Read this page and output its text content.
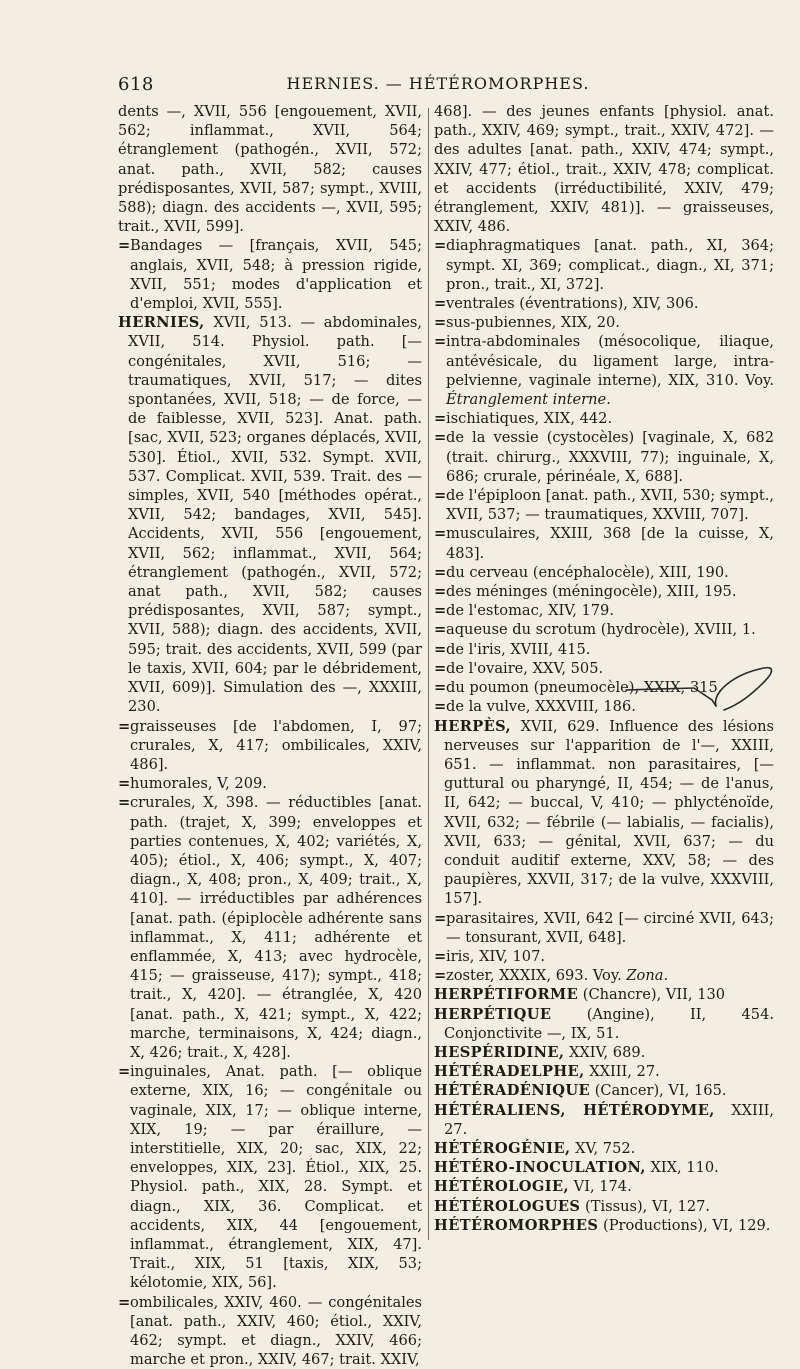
618	HERNIES. — HÉTÉROMORPHES.

dents —, XVII, 556 [engouement, XVII, 562; inflammat., XVII, 564; étranglement (pathogén., XVII, 572; anat. path., XVII, 582; causes prédisposantes, XVII, 587; sympt., XVIII, 588); diagn. des accidents —, XVII, 595; trait., XVII, 599].

=Bandages — [français, XVII, 545; anglais, XVII, 548; à pression rigide, XVII, 551; modes d'application et d'emploi, XVII, 555].

HERNIES, XVII, 513. — abdominales, XVII, 514. Physiol. path. [— congénitales, XVII, 516; — traumatiques, XVII, 517; — dites spontanées, XVII, 518; — de force, — de faiblesse, XVII, 523]. Anat. path. [sac, XVII, 523; organes déplacés, XVII, 530]. Étiol., XVII, 532. Sympt. XVII, 537. Complicat. XVII, 539. Trait. des — simples, XVII, 540 [méthodes opérat., XVII, 542; bandages, XVII, 545]. Accidents, XVII, 556 [engouement, XVII, 562; inflammat., XVII, 564; étranglement (pathogén., XVII, 572; anat path., XVII, 582; causes prédisposantes, XVII, 587; sympt., XVII, 588); diagn. des accidents, XVII, 595; trait. des accidents, XVII, 599 (par le taxis, XVII, 604; par le débridement, XVII, 609)]. Simulation des —, XXXIII, 230.

=graisseuses [de l'abdomen, I, 97; crurales, X, 417; ombilicales, XXIV, 486].

=humorales, V, 209.

=crurales, X, 398. — réductibles [anat. path. (trajet, X, 399; enveloppes et parties contenues, X, 402; variétés, X, 405); étiol., X, 406; sympt., X, 407; diagn., X, 408; pron., X, 409; trait., X, 410]. — irréductibles par adhérences [anat. path. (épiplocèle adhérente sans inflammat., X, 411; adhérente et enflammée, X, 413; avec hydrocèle, 415; — graisseuse, 417); sympt., 418; trait., X, 420]. — étranglée, X, 420 [anat. path., X, 421; sympt., X, 422; marche, terminaisons, X, 424; diagn., X, 426; trait., X, 428].

=inguinales, Anat. path. [— oblique externe, XIX, 16; — congénitale ou vaginale, XIX, 17; — oblique interne, XIX, 19; — par éraillure, — interstitielle, XIX, 20; sac, XIX, 22; enveloppes, XIX, 23]. Étiol., XIX, 25. Physiol. path., XIX, 28. Sympt. et diagn., XIX, 36. Complicat. et accidents, XIX, 44 [engouement, inflammat., étranglement, XIX, 47]. Trait., XIX, 51 [taxis, XIX, 53; kélotomie, XIX, 56].

=ombilicales, XXIV, 460. — congénitales [anat. path., XXIV, 460; étiol., XXIV, 462; sympt. et diagn., XXIV, 466; marche et pron., XXIV, 467; trait. XXIV,

468]. — des jeunes enfants [physiol. anat. path., XXIV, 469; sympt., trait., XXIV, 472]. — des adultes [anat. path., XXIV, 474; sympt., XXIV, 477; étiol., trait., XXIV, 478; complicat. et accidents (irréductibilité, XXIV, 479; étranglement, XXIV, 481)]. — graisseuses, XXIV, 486.

=diaphragmatiques [anat. path., XI, 364; sympt. XI, 369; complicat., diagn., XI, 371; pron., trait., XI, 372].

=ventrales (éventrations), XIV, 306.

=sus-pubiennes, XIX, 20.

=intra-abdominales (mésocolique, iliaque, antévésicale, du ligament large, intra-pelvienne, vaginale interne), XIX, 310. Voy. Étranglement interne.

=ischiatiques, XIX, 442.

=de la vessie (cystocèles) [vaginale, X, 682 (trait. chirurg., XXXVIII, 77); inguinale, X, 686; crurale, périnéale, X, 688].

=de l'épiploon [anat. path., XVII, 530; sympt., XVII, 537; — traumatiques, XXVIII, 707].

=musculaires, XXIII, 368 [de la cuisse, X, 483].

=du cerveau (encéphalocèle), XIII, 190.

=des méninges (méningocèle), XIII, 195.

=de l'estomac, XIV, 179.

=aqueuse du scrotum (hydrocèle), XVIII, 1.

=de l'iris, XVIII, 415.

=de l'ovaire, XXV, 505.

=du poumon (pneumocèle), XXIX, 315.

=de la vulve, XXXVIII, 186.

HERPÈS, XVII, 629. Influence des lésions nerveuses sur l'apparition de l'—, XXIII, 651. — inflammat. non parasitaires, [— guttural ou pharyngé, II, 454; — de l'anus, II, 642; — buccal, V, 410; — phlycténoïde, XVII, 632; — fébrile (— labialis, — facialis), XVII, 633; — génital, XVII, 637; — du conduit auditif externe, XXV, 58; — des paupières, XXVII, 317; de la vulve, XXXVIII, 157].

=parasitaires, XVII, 642 [— circiné XVII, 643; — tonsurant, XVII, 648].

=iris, XIV, 107.

=zoster, XXXIX, 693. Voy. Zona.

HERPÉTIFORME (Chancre), VII, 130

HERPÉTIQUE (Angine), II, 454. Conjonctivite —, IX, 51.

HESPÉRIDINE, XXIV, 689.

HÉTÉRADELPHE, XXIII, 27.

HÉTÉRADÉNIQUE (Cancer), VI, 165.

HÉTÉRALIENS, HÉTÉRODYME, XXIII, 27.

HÉTÉROGÉNIE, XV, 752.

HÉTÉRO-INOCULATION, XIX, 110.

HÉTÉROLOGIE, VI, 174.

HÉTÉROLOGUES (Tissus), VI, 127.

HÉTÉROMORPHES (Productions), VI, 129.
